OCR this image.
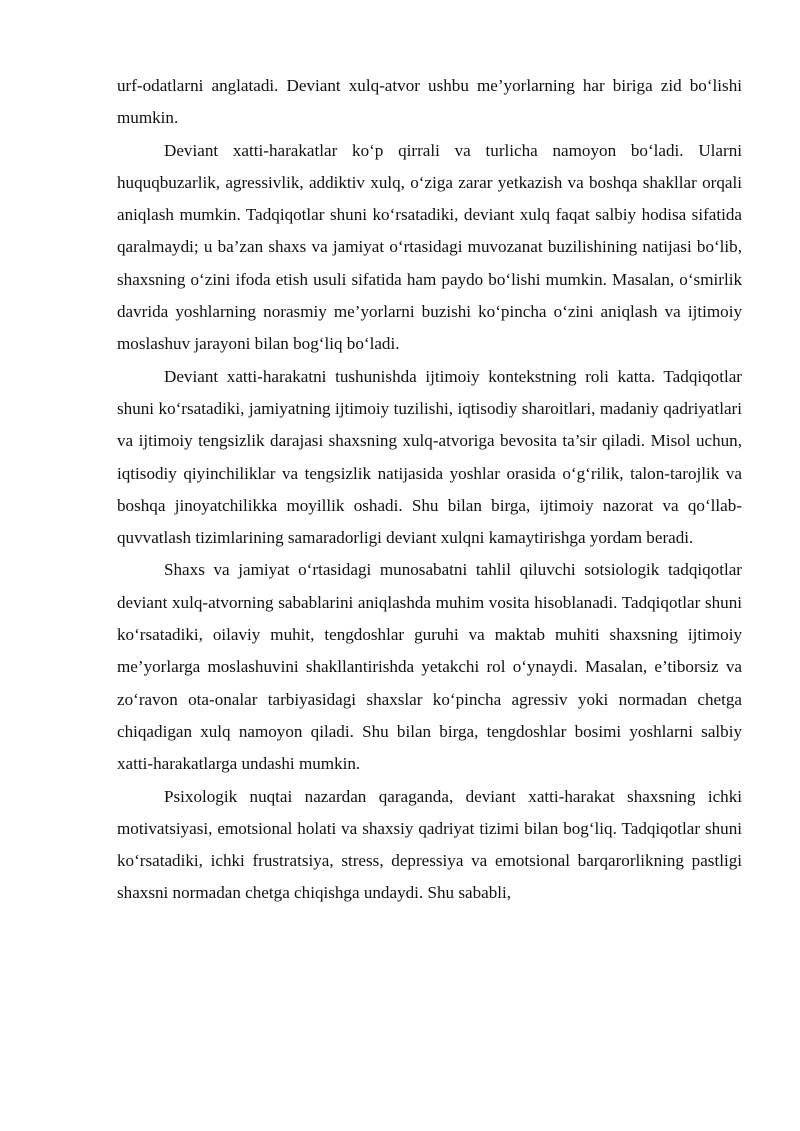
urf-odatlarni anglatadi. Deviant xulq-atvor ushbu me’yorlarning har biriga zid bo‘lishi mumkin.

Deviant xatti-harakatlar ko‘p qirrali va turlicha namoyon bo‘ladi. Ularni huquqbuzarlik, agressivlik, addiktiv xulq, o‘ziga zarar yetkazish va boshqa shakllar orqali aniqlash mumkin. Tadqiqotlar shuni ko‘rsatadiki, deviant xulq faqat salbiy hodisa sifatida qaralmaydi; u ba’zan shaxs va jamiyat o‘rtasidagi muvozanat buzilishining natijasi bo‘lib, shaxsning o‘zini ifoda etish usuli sifatida ham paydo bo‘lishi mumkin. Masalan, o‘smirlik davrida yoshlarning norasmiy me’yorlarni buzishi ko‘pincha o‘zini aniqlash va ijtimoiy moslashuv jarayoni bilan bog‘liq bo‘ladi.

Deviant xatti-harakatni tushunishda ijtimoiy kontekstning roli katta. Tadqiqotlar shuni ko‘rsatadiki, jamiyatning ijtimoiy tuzilishi, iqtisodiy sharoitlari, madaniy qadriyatlari va ijtimoiy tengsizlik darajasi shaxsning xulq-atvoriga bevosita ta’sir qiladi. Misol uchun, iqtisodiy qiyinchiliklar va tengsizlik natijasida yoshlar orasida o‘g‘rilik, talon-tarojlik va boshqa jinoyatchilikka moyillik oshadi. Shu bilan birga, ijtimoiy nazorat va qo‘llab-quvvatlash tizimlarining samaradorligi deviant xulqni kamaytirishga yordam beradi.

Shaxs va jamiyat o‘rtasidagi munosabatni tahlil qiluvchi sotsiologik tadqiqotlar deviant xulq-atvorning sabablarini aniqlashda muhim vosita hisoblanadi. Tadqiqotlar shuni ko‘rsatadiki, oilaviy muhit, tengdoshlar guruhi va maktab muhiti shaxsning ijtimoiy me’yorlarga moslashuvini shakllantirishda yetakchi rol o‘ynaydi. Masalan, e’tiborsiz va zo‘ravon ota-onalar tarbiyasidagi shaxslar ko‘pincha agressiv yoki normadan chetga chiqadigan xulq namoyon qiladi. Shu bilan birga, tengdoshlar bosimi yoshlarni salbiy xatti-harakatlarga undashi mumkin.

Psixologik nuqtai nazardan qaraganda, deviant xatti-harakat shaxsning ichki motivatsiyasi, emotsional holati va shaxsiy qadriyat tizimi bilan bog‘liq. Tadqiqotlar shuni ko‘rsatadiki, ichki frustratsiya, stress, depressiya va emotsional barqarorlikning pastligi shaxsni normadan chetga chiqishga undaydi. Shu sababli,
